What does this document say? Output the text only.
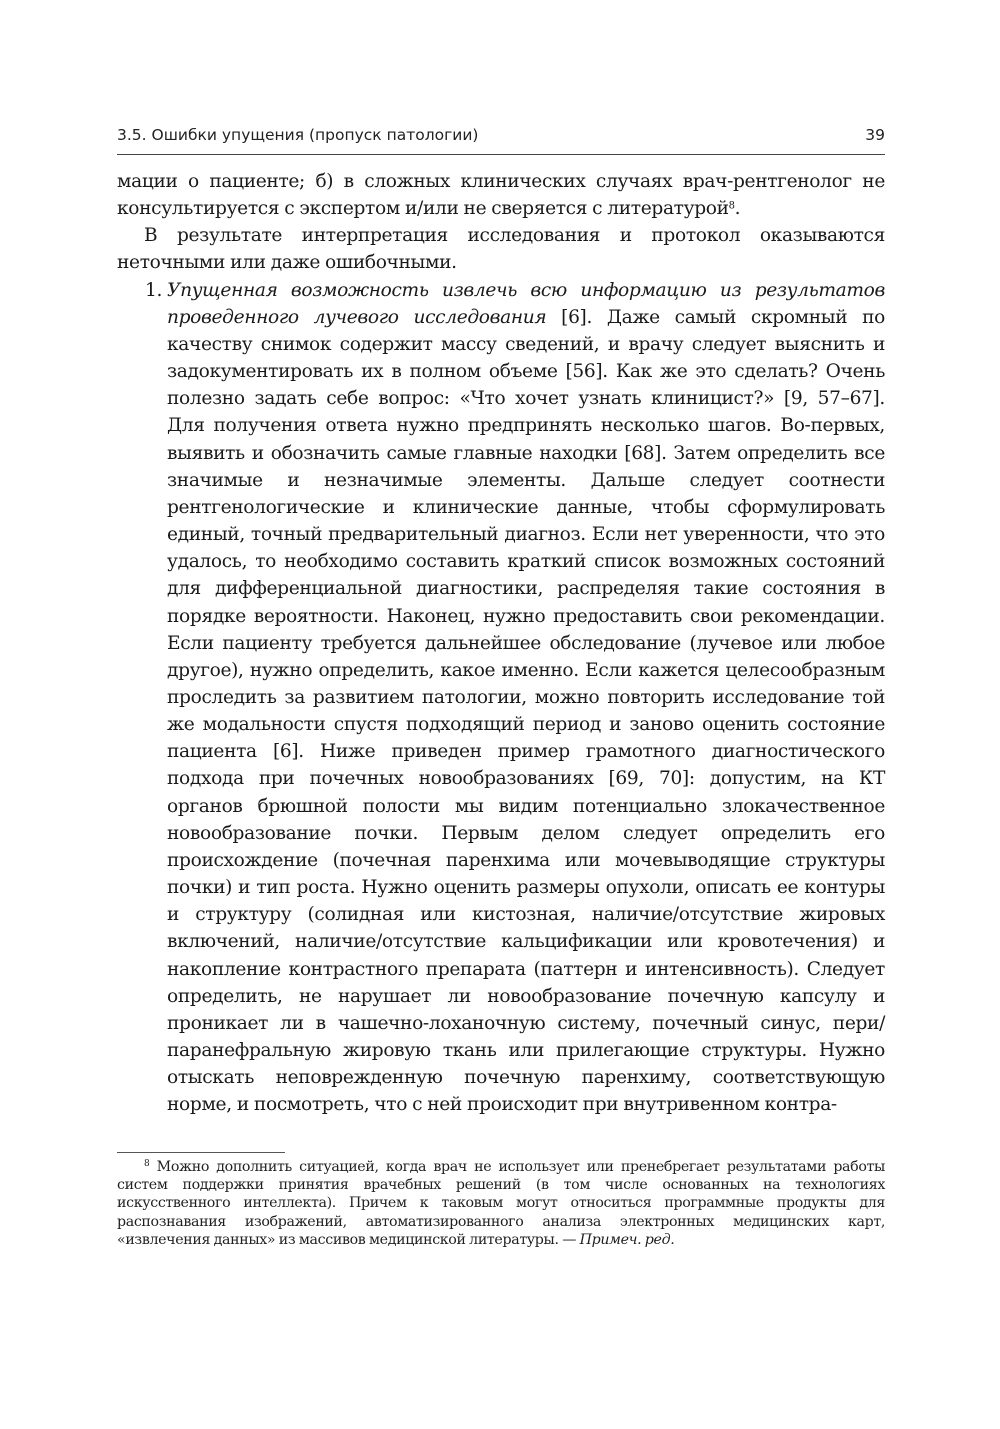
3.5. Ошибки упущения (пропуск патологии)	39

мации о пациенте; б) в сложных клинических случаях врач-рентгенолог не консультируется с экспертом и/или не сверяется с литературой$^8$.

В результате интерпретация исследования и протокол оказываются неточными или даже ошибочными.

1. Упущенная возможность извлечь всю информацию из результатов проведенного лучевого исследования [6]. Даже самый скромный по качеству снимок содержит массу сведений, и врачу следует выяснить и задокументировать их в полном объеме [56]. Как же это сделать? Очень полезно задать себе вопрос: «Что хочет узнать клиницист?» [9, 57–67]. Для получения ответа нужно предпринять несколько шагов. Во-первых, выявить и обозначить самые главные находки [68]. Затем определить все значимые и незначимые элементы. Дальше следует соотнести рентгенологические и клинические данные, чтобы сформулировать единый, точный предварительный диагноз. Если нет уверенности, что это удалось, то необходимо составить краткий список возможных состояний для дифференциальной диагностики, распределяя такие состояния в порядке вероятности. Наконец, нужно предоставить свои рекомендации. Если пациенту требуется дальнейшее обследование (лучевое или любое другое), нужно определить, какое именно. Если кажется целесообразным проследить за развитием патологии, можно повторить исследование той же модальности спустя подходящий период и заново оценить состояние пациента [6]. Ниже приведен пример грамотного диагностического подхода при почечных новообразованиях [69, 70]: допустим, на КТ органов брюшной полости мы видим потенциально злокачественное новообразование почки. Первым делом следует определить его происхождение (почечная паренхима или мочевыводящие структуры почки) и тип роста. Нужно оценить размеры опухоли, описать ее контуры и структуру (солидная или кистозная, наличие/отсутствие жировых включений, наличие/отсутствие кальцификации или кровотечения) и накопление контрастного препарата (паттерн и интенсивность). Следует определить, не нарушает ли новообразование почечную капсулу и проникает ли в чашечно-лоханочную систему, почечный синус, пери/паранефральную жировую ткань или прилегающие структуры. Нужно отыскать неповрежденную почечную паренхиму, соответствующую норме, и посмотреть, что с ней происходит при внутривенном контра-

$^8$ Можно дополнить ситуацией, когда врач не использует или пренебрегает результатами работы систем поддержки принятия врачебных решений (в том числе основанных на технологиях искусственного интеллекта). Причем к таковым могут относиться программные продукты для распознавания изображений, автоматизированного анализа электронных медицинских карт, «извлечения данных» из массивов медицинской литературы. — Примеч. ред.
